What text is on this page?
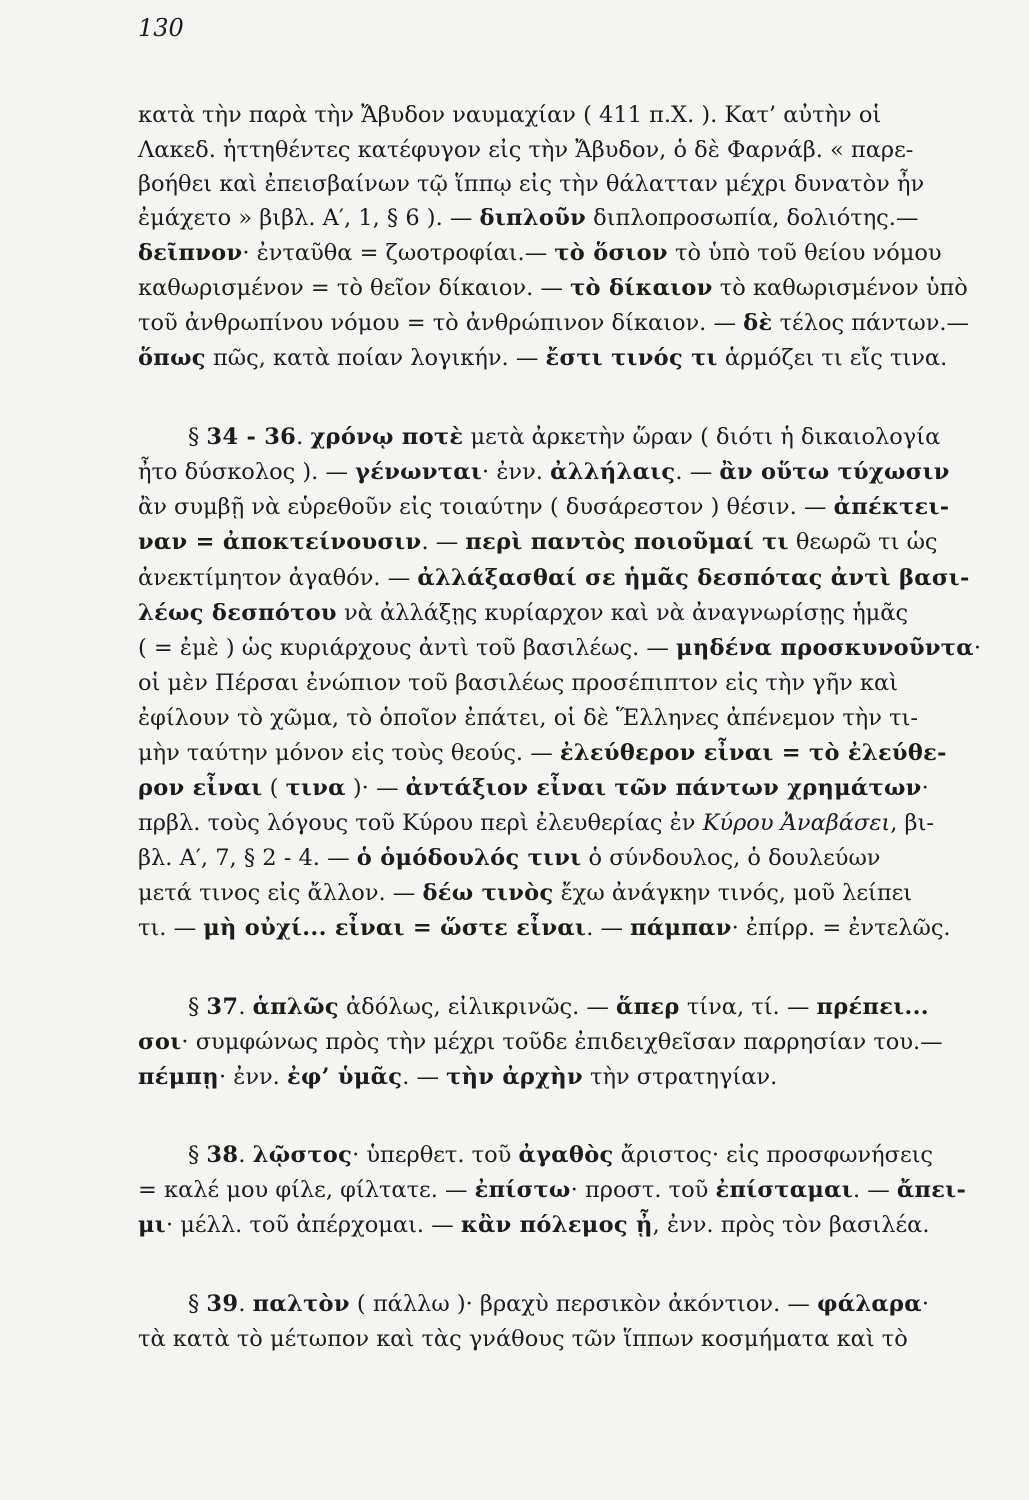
130
κατὰ τὴν παρὰ τὴν Ἄβυδον ναυμαχίαν ( 411 π.Χ. ). Κατ’ αὐτὴν οἱ
Λακεδ. ἡττηθέντες κατέφυγον εἰς τὴν Ἄβυδον, ὁ δὲ Φαρνάβ. « παρε-
βοήθει καὶ ἐπεισβαίνων τῷ ἵππῳ εἰς τὴν θάλατταν μέχρι δυνατὸν ἦν
ἐμάχετο » βιβλ. Α′, 1, § 6 ). — διπλοῦν διπλοπροσωπία, δολιότης.—
δεῖπνον· ἐνταῦθα = ζωοτροφίαι.— τὸ ὅσιον τὸ ὑπὸ τοῦ θείου νόμου
καθωρισμένον = τὸ θεῖον δίκαιον. — τὸ δίκαιον τὸ καθωρισμένον ὑπὸ
τοῦ ἀνθρωπίνου νόμου = τὸ ἀνθρώπινον δίκαιον. — δὲ τέλος πάντων.—
ὅπως πῶς, κατὰ ποίαν λογικήν. — ἔστι τινός τι ἁρμόζει τι εἴς τινα.
§ 34 - 36. χρόνῳ ποτὲ μετὰ ἀρκετὴν ὥραν ( διότι ἡ δικαιολογία
ἦτο δύσκολος ). — γένωνται· ἐνν. ἀλλήλαις. — ἂν οὕτω τύχωσιν
ἂν συμβῇ νὰ εὑρεθοῦν εἰς τοιαύτην ( δυσάρεστον ) θέσιν. — ἀπέκτει-
ναν = ἀποκτείνουσιν. — περὶ παντὸς ποιοῦμαί τι θεωρῶ τι ὡς
ἀνεκτίμητον ἀγαθόν. — ἀλλάξασθαί σε ἡμᾶς δεσπότας ἀντὶ βασι-
λέως δεσπότου νὰ ἀλλάξῃς κυρίαρχον καὶ νὰ ἀναγνωρίσῃς ἡμᾶς
( = ἐμὲ ) ὡς κυριάρχους ἀντὶ τοῦ βασιλέως. — μηδένα προσκυνοῦντα·
οἱ μὲν Πέρσαι ἐνώπιον τοῦ βασιλέως προσέπιπτον εἰς τὴν γῆν καὶ
ἐφίλουν τὸ χῶμα, τὸ ὁποῖον ἐπάτει, οἱ δὲ Ἕλληνες ἀπένεμον τὴν τι-
μὴν ταύτην μόνον εἰς τοὺς θεούς. — ἐλεύθερον εἶναι = τὸ ἐλεύθε-
ρον εἶναι ( τινα )· — ἀντάξιον εἶναι τῶν πάντων χρημάτων·
πρβλ. τοὺς λόγους τοῦ Κύρου περὶ ἐλευθερίας ἐν Κύρου Ἀναβάσει, βι-
βλ. Α′, 7, § 2 - 4. — ὁ ὁμόδουλός τινι ὁ σύνδουλος, ὁ δουλεύων
μετά τινος εἰς ἄλλον. — δέω τινὸς ἔχω ἀνάγκην τινός, μοῦ λείπει
τι. — μὴ οὐχί... εἶναι = ὥστε εἶναι. — πάμπαν· ἐπίρρ. = ἐντελῶς.
§ 37. ἁπλῶς ἀδόλως, εἰλικρινῶς. — ἅπερ τίνα, τί. — πρέπει...
σοι· συμφώνως πρὸς τὴν μέχρι τοῦδε ἐπιδειχθεῖσαν παρρησίαν του.—
πέμπῃ· ἐνν. ἐφ’ ὑμᾶς. — τὴν ἀρχὴν τὴν στρατηγίαν.
§ 38. λῷστος· ὑπερθετ. τοῦ ἀγαθὸς ἄριστος· εἰς προσφωνήσεις
= καλέ μου φίλε, φίλτατε. — ἐπίστω· προστ. τοῦ ἐπίσταμαι. — ἄπει-
μι· μέλλ. τοῦ ἀπέρχομαι. — κἂν πόλεμος ᾖ, ἐνν. πρὸς τὸν βασιλέα.
§ 39. παλτὸν ( πάλλω )· βραχὺ περσικὸν ἀκόντιον. — φάλαρα·
τὰ κατὰ τὸ μέτωπον καὶ τὰς γνάθους τῶν ἵππων κοσμήματα καὶ τὸ
